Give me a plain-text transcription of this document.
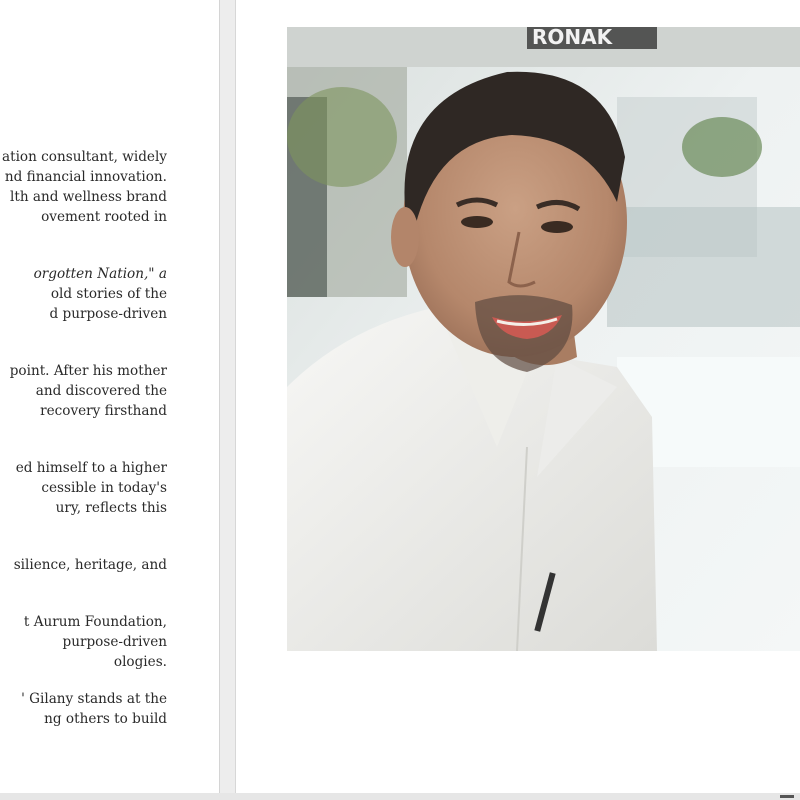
ation consultant, widely
nd financial innovation.
lth and wellness brand
ovement rooted in
orgotten Nation," a
old stories of the
d purpose-driven
point. After his mother
and discovered the
recovery firsthand
ed himself to a higher
cessible in today's
ury, reflects this
silience, heritage, and
t Aurum Foundation,
purpose-driven
ologies.
' Gilany stands at the
ng others to build
RONAK
